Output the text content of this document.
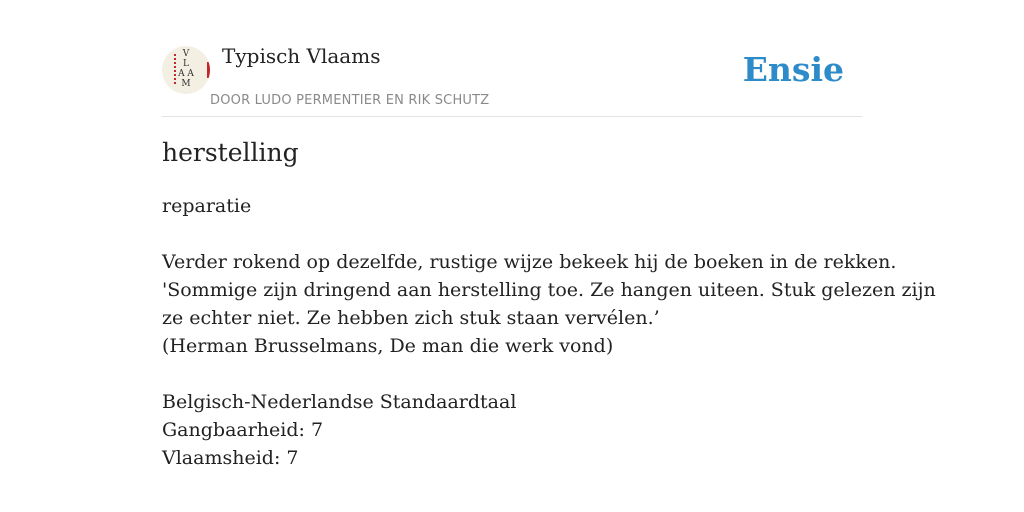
V
L
A A
M
Typisch Vlaams
DOOR LUDO PERMENTIER EN RIK SCHUTZ
Ensie
herstelling
reparatie
Verder rokend op dezelfde, rustige wijze bekeek hij de boeken in de rekken.
'Sommige zijn dringend aan herstelling toe. Ze hangen uiteen. Stuk gelezen zijn
ze echter niet. Ze hebben zich stuk staan vervélen.’
(Herman Brusselmans, De man die werk vond)
Belgisch-Nederlandse Standaardtaal
Gangbaarheid: 7
Vlaamsheid: 7
